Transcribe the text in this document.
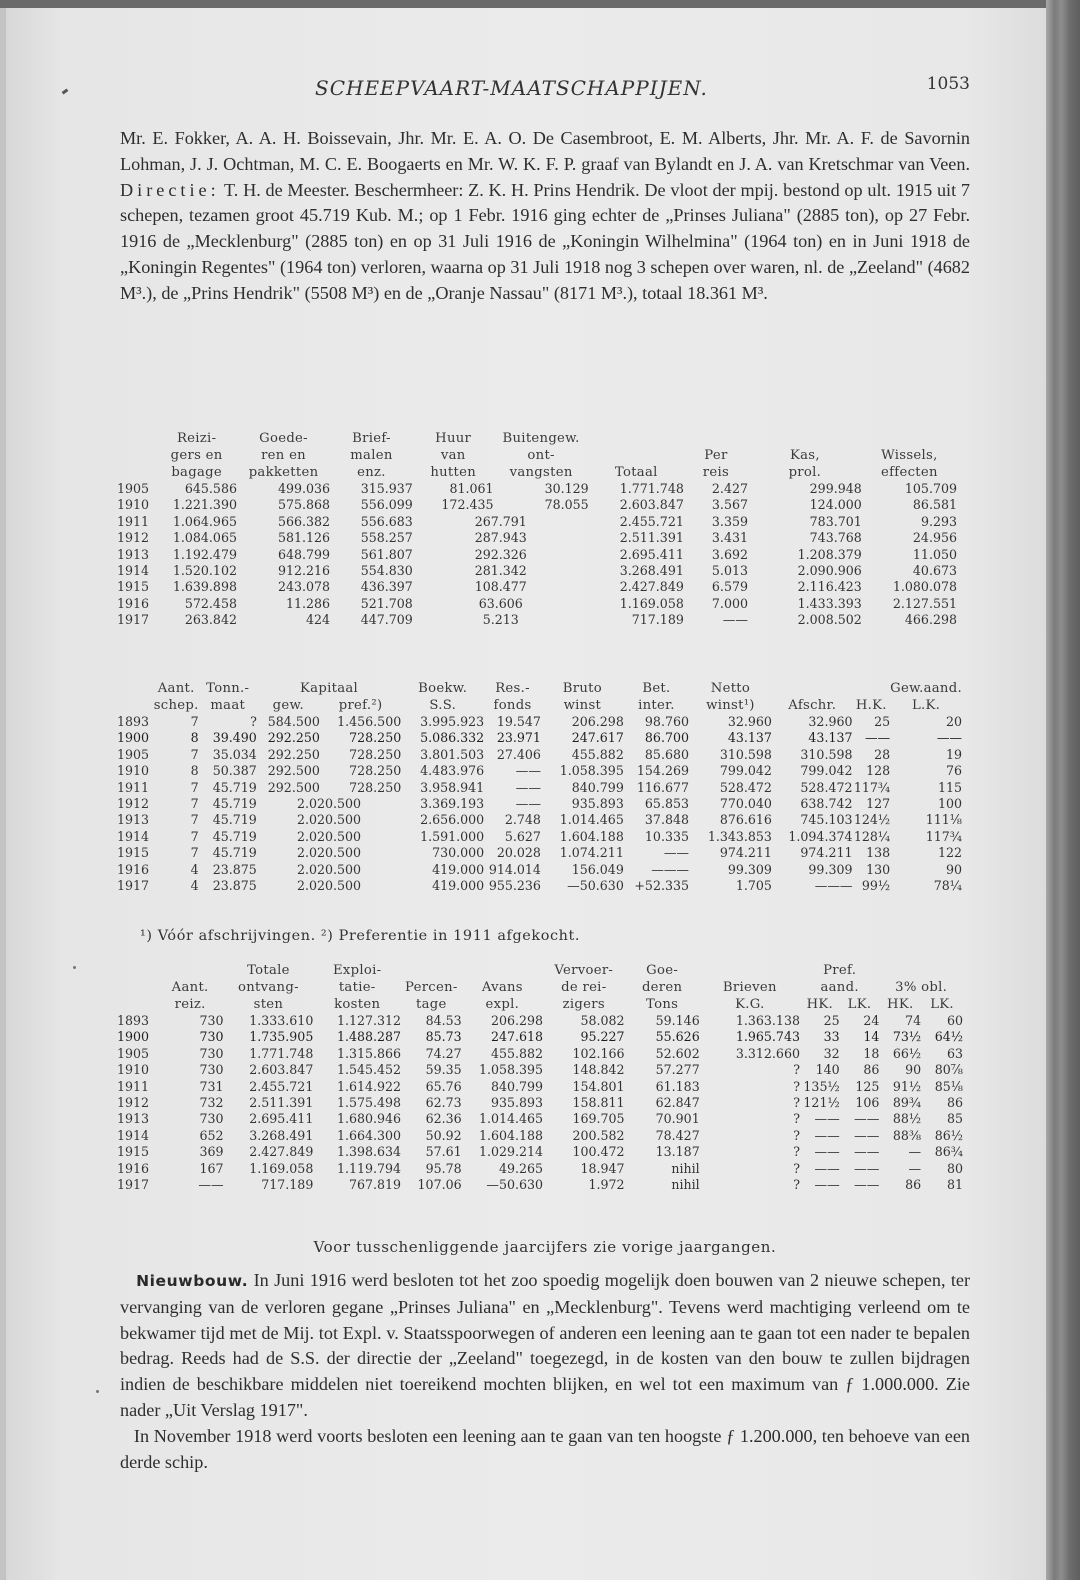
SCHEEPVAART-MAATSCHAPPIJEN.	1053
Mr. E. Fokker, A. A. H. Boissevain, Jhr. Mr. E. A. O. De Casembroot, E. M. Alberts, Jhr. Mr. A. F. de Savornin Lohman, J. J. Ochtman, M. C. E. Boogaerts en Mr. W. K. F. P. graaf van Bylandt en J. A. van Kretschmar van Veen. Directie: T. H. de Meester. Beschermheer: Z. K. H. Prins Hendrik. De vloot der mpij. bestond op ult. 1915 uit 7 schepen, tezamen groot 45.719 Kub. M.; op 1 Febr. 1916 ging echter de „Prinses Juliana" (2885 ton), op 27 Febr. 1916 de „Mecklenburg" (2885 ton) en op 31 Juli 1916 de „Koningin Wilhelmina" (1964 ton) en in Juni 1918 de „Koningin Regentes" (1964 ton) verloren, waarna op 31 Juli 1918 nog 3 schepen over waren, nl. de „Zeeland" (4682 M³.), de „Prins Hendrik" (5508 M³) en de „Oranje Nassau" (8171 M³.), totaal 18.361 M³.
	Reizi-	Goede-	Brief-	Huur	Buitengew.				
	gers en	ren en	malen	van	ont-		Per	Kas,	Wissels,
	bagage	pakketten	enz.	hutten	vangsten	Totaal	reis	prol.	effecten
1905	645.586	499.036	315.937	81.061	30.129	1.771.748	2.427	299.948	105.709
1910	1.221.390	575.868	556.099	172.435	78.055	2.603.847	3.567	124.000	86.581
1911	1.064.965	566.382	556.683	267.791		2.455.721	3.359	783.701	9.293
1912	1.084.065	581.126	558.257	287.943		2.511.391	3.431	743.768	24.956
1913	1.192.479	648.799	561.807	292.326		2.695.411	3.692	1.208.379	11.050
1914	1.520.102	912.216	554.830	281.342		3.268.491	5.013	2.090.906	40.673
1915	1.639.898	243.078	436.397	108.477		2.427.849	6.579	2.116.423	1.080.078
1916	572.458	11.286	521.708	63.606		1.169.058	7.000	1.433.393	2.127.551
1917	263.842	424	447.709	5.213		717.189	——	2.008.502	466.298
	Aant.	Tonn.-	Kapitaal		Boekw.	Res.-	Bruto	Bet.	Netto			Gew.aand.
	schep.	maat	gew.	pref.²)	S.S.	fonds	winst	inter.	winst¹)	Afschr.	H.K.	L.K.
1893	7	?	584.500	1.456.500	3.995.923	19.547	206.298	98.760	32.960	32.960	25	20
1900	8	39.490	292.250	728.250	5.086.332	23.971	247.617	86.700	43.137	43.137	——	——
1905	7	35.034	292.250	728.250	3.801.503	27.406	455.882	85.680	310.598	310.598	28	19
1910	8	50.387	292.500	728.250	4.483.976	——	1.058.395	154.269	799.042	799.042	128	76
1911	7	45.719	292.500	728.250	3.958.941	——	840.799	116.677	528.472	528.472	117¾	115
1912	7	45.719	2.020.500		3.369.193	——	935.893	65.853	770.040	638.742	127	100
1913	7	45.719	2.020.500		2.656.000	2.748	1.014.465	37.848	876.616	745.103	124½	111⅛
1914	7	45.719	2.020.500		1.591.000	5.627	1.604.188	10.335	1.343.853	1.094.374	128¼	117¾
1915	7	45.719	2.020.500		730.000	20.028	1.074.211	——	974.211	974.211	138	122
1916	4	23.875	2.020.500		419.000	914.014	156.049	———	99.309	99.309	130	90
1917	4	23.875	2.020.500		419.000	955.236	—50.630	+52.335	1.705	———	99½	78¼
¹) Vóór afschrijvingen. ²) Preferentie in 1911 afgekocht.
		Totale	Exploi-			Vervoer-	Goe-		Pref.			
	Aant.	ontvang-	tatie-	Percen-	Avans	de rei-	deren	Brieven	aand.		3% obl.	
	reiz.	sten	kosten	tage	expl.	zigers	Tons	K.G.	HK.	LK.	HK.	LK.
1893	730	1.333.610	1.127.312	84.53	206.298	58.082	59.146	1.363.138	25	24	74	60
1900	730	1.735.905	1.488.287	85.73	247.618	95.227	55.626	1.965.743	33	14	73½	64½
1905	730	1.771.748	1.315.866	74.27	455.882	102.166	52.602	3.312.660	32	18	66½	63
1910	730	2.603.847	1.545.452	59.35	1.058.395	148.842	57.277	?	140	86	90	80⅞
1911	731	2.455.721	1.614.922	65.76	840.799	154.801	61.183	?	135½	125	91½	85⅛
1912	732	2.511.391	1.575.498	62.73	935.893	158.811	62.847	?	121½	106	89¾	86
1913	730	2.695.411	1.680.946	62.36	1.014.465	169.705	70.901	?	——	——	88½	85
1914	652	3.268.491	1.664.300	50.92	1.604.188	200.582	78.427	?	——	——	88⅜	86½
1915	369	2.427.849	1.398.634	57.61	1.029.214	100.472	13.187	?	——	——	—	86¾
1916	167	1.169.058	1.119.794	95.78	49.265	18.947	nihil	?	——	——	—	80
1917	——	717.189	767.819	107.06	—50.630	1.972	nihil	?	——	——	86	81
Voor tusschenliggende jaarcijfers zie vorige jaargangen.
Nieuwbouw. In Juni 1916 werd besloten tot het zoo spoedig mogelijk doen bouwen van 2 nieuwe schepen, ter vervanging van de verloren gegane „Prinses Juliana" en „Mecklenburg". Tevens werd machtiging verleend om te bekwamer tijd met de Mij. tot Expl. v. Staatsspoorwegen of anderen een leening aan te gaan tot een nader te bepalen bedrag. Reeds had de S.S. der directie der „Zeeland" toegezegd, in de kosten van den bouw te zullen bijdragen indien de beschikbare middelen niet toereikend mochten blijken, en wel tot een maximum van ƒ 1.000.000. Zie nader „Uit Verslag 1917".
In November 1918 werd voorts besloten een leening aan te gaan van ten hoogste ƒ 1.200.000, ten behoeve van een derde schip.
